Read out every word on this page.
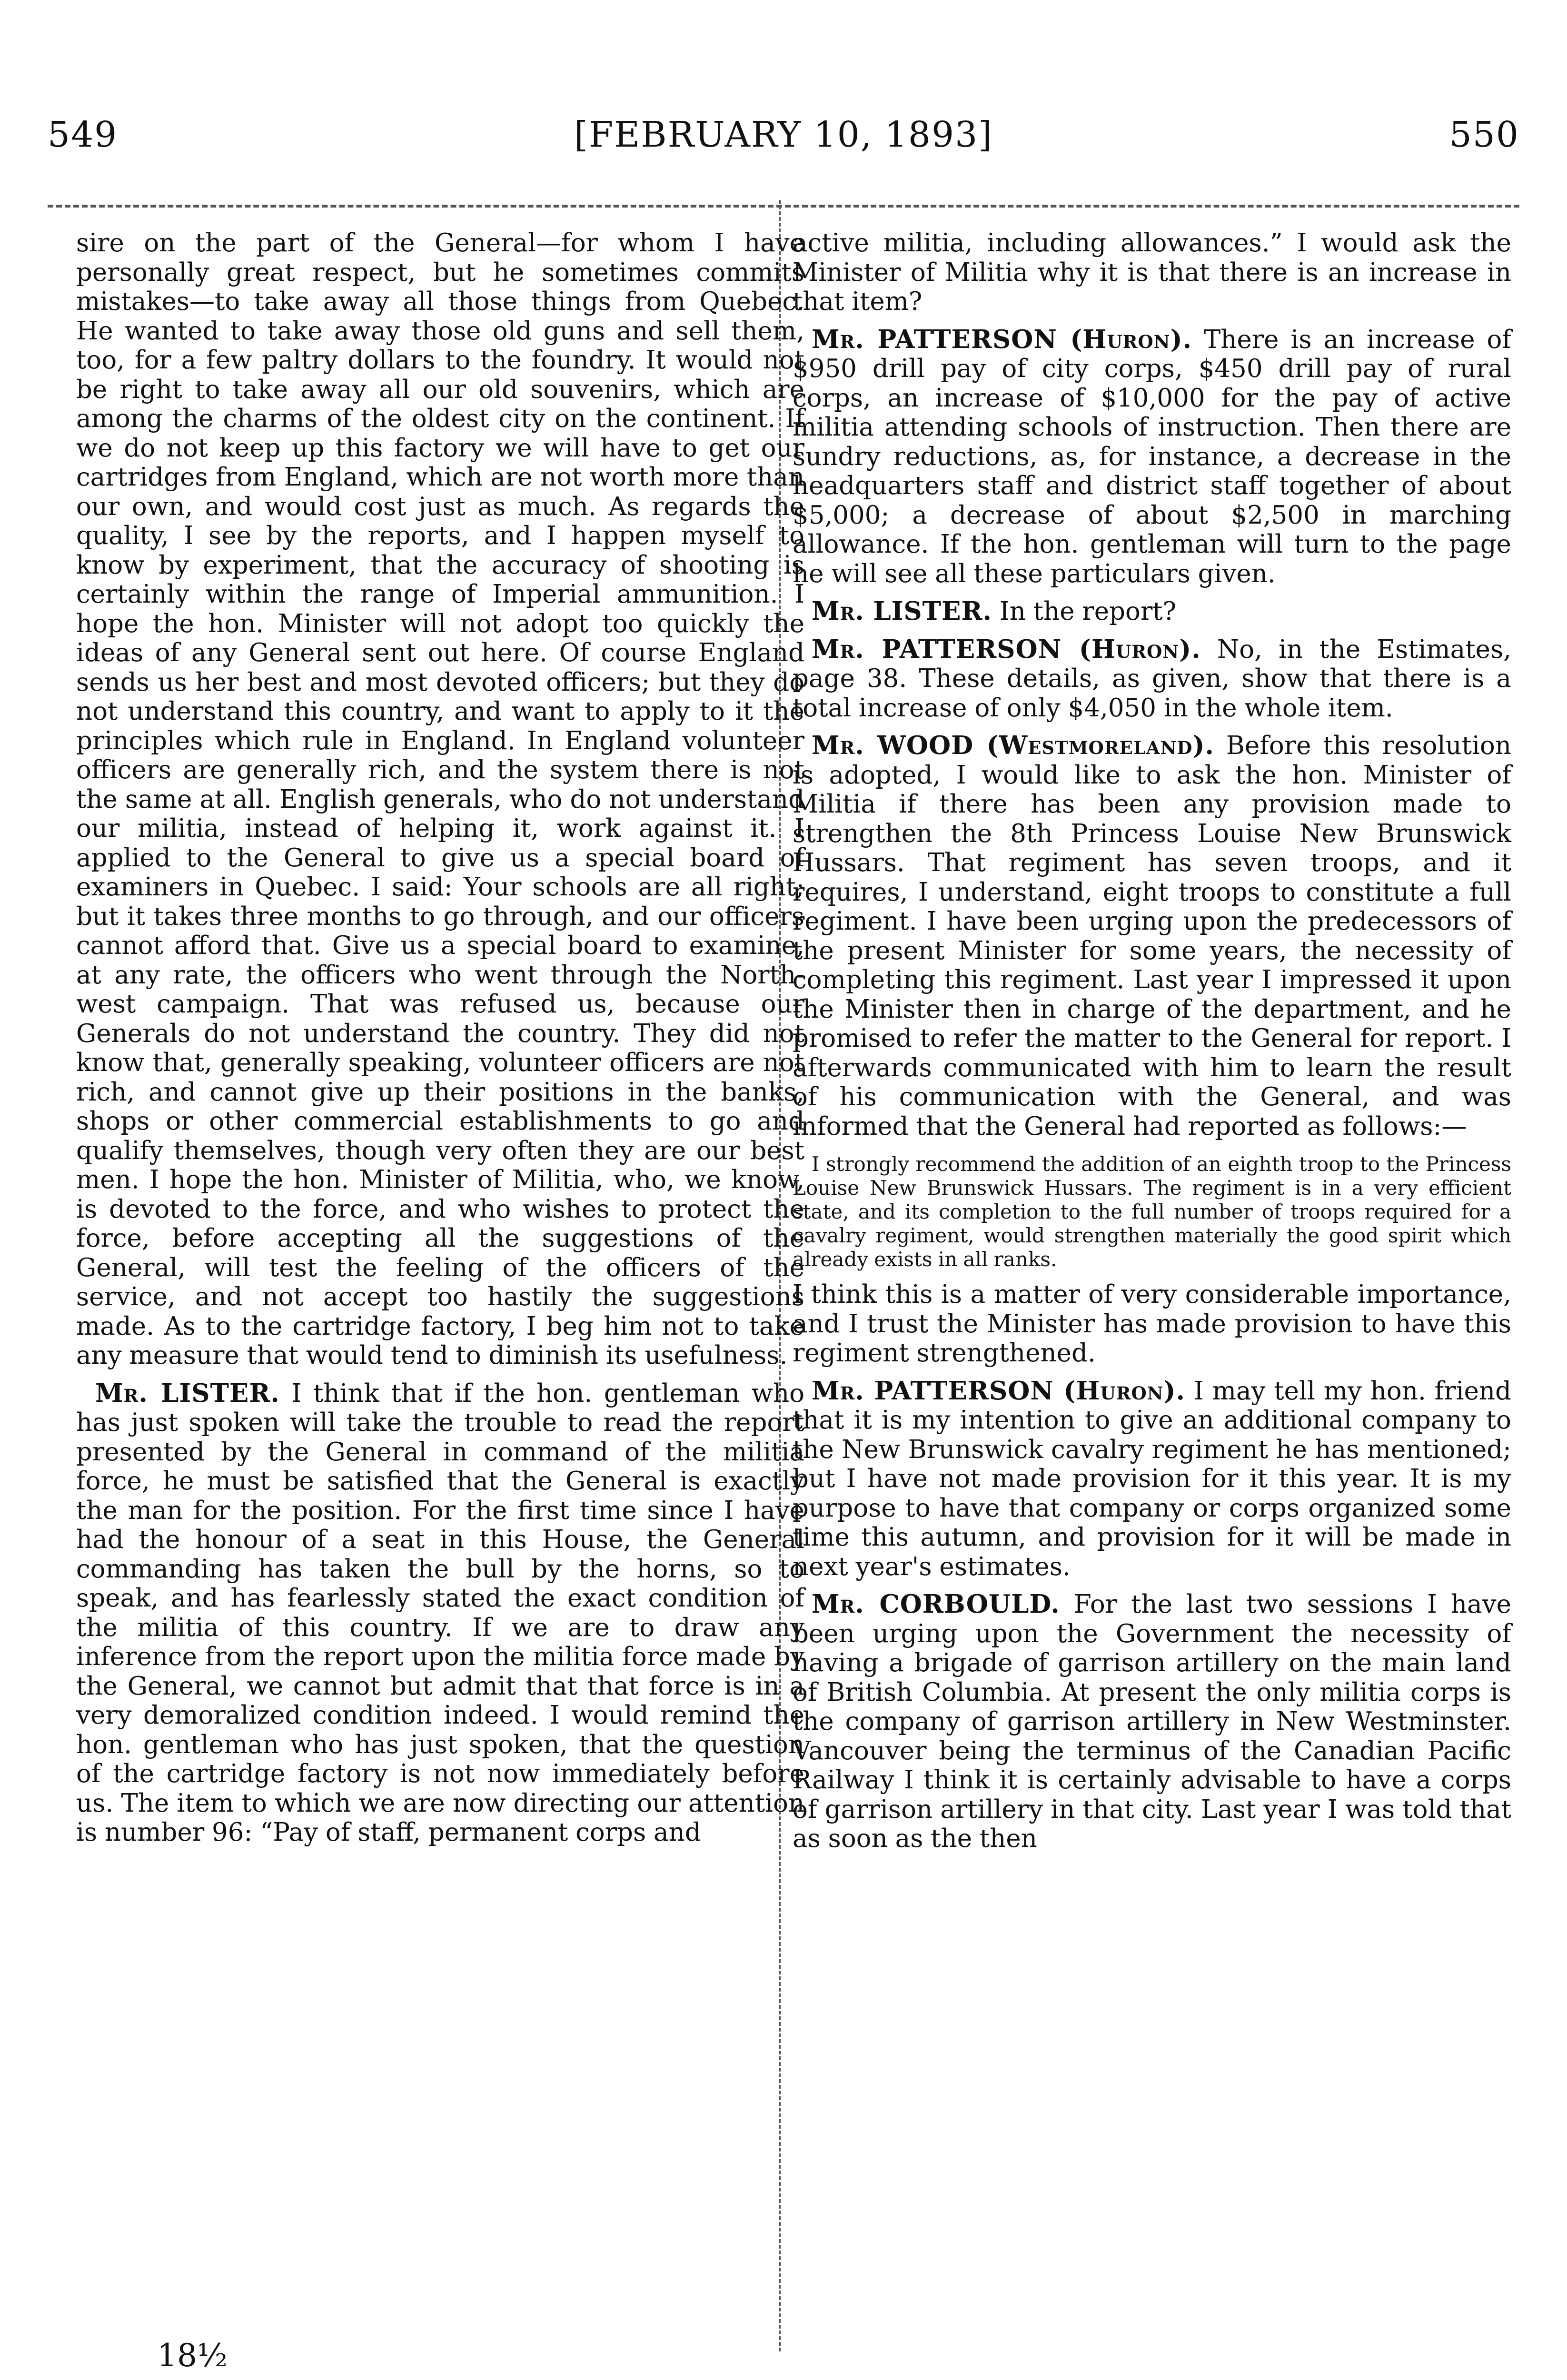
549	[FEBRUARY 10, 1893]	550

sire on the part of the General—for whom I have personally great respect, but he sometimes commits mistakes—to take away all those things from Quebec. He wanted to take away those old guns and sell them, too, for a few paltry dollars to the foundry. It would not be right to take away all our old souvenirs, which are among the charms of the oldest city on the continent. If we do not keep up this factory we will have to get our cartridges from England, which are not worth more than our own, and would cost just as much. As regards the quality, I see by the reports, and I happen myself to know by experiment, that the accuracy of shooting is certainly within the range of Imperial ammunition. I hope the hon. Minister will not adopt too quickly the ideas of any General sent out here. Of course England sends us her best and most devoted officers; but they do not understand this country, and want to apply to it the principles which rule in England. In England volunteer officers are generally rich, and the system there is not the same at all. English generals, who do not understand our militia, instead of helping it, work against it. I applied to the General to give us a special board of examiners in Quebec. I said: Your schools are all right; but it takes three months to go through, and our officers cannot afford that. Give us a special board to examine, at any rate, the officers who went through the North-west campaign. That was refused us, because our Generals do not understand the country. They did not know that, generally speaking, volunteer officers are not rich, and cannot give up their positions in the banks, shops or other commercial establishments to go and qualify themselves, though very often they are our best men. I hope the hon. Minister of Militia, who, we know, is devoted to the force, and who wishes to protect the force, before accepting all the suggestions of the General, will test the feeling of the officers of the service, and not accept too hastily the suggestions made. As to the cartridge factory, I beg him not to take any measure that would tend to diminish its usefulness.

Mr. LISTER. I think that if the hon. gentleman who has just spoken will take the trouble to read the report presented by the General in command of the militia force, he must be satisfied that the General is exactly the man for the position. For the first time since I have had the honour of a seat in this House, the General commanding has taken the bull by the horns, so to speak, and has fearlessly stated the exact condition of the militia of this country. If we are to draw any inference from the report upon the militia force made by the General, we cannot but admit that that force is in a very demoralized condition indeed. I would remind the hon. gentleman who has just spoken, that the question of the cartridge factory is not now immediately before us. The item to which we are now directing our attention is number 96: “Pay of staff, permanent corps and

active militia, including allowances.” I would ask the Minister of Militia why it is that there is an increase in that item?

Mr. PATTERSON (Huron). There is an increase of $950 drill pay of city corps, $450 drill pay of rural corps, an increase of $10,000 for the pay of active militia attending schools of instruction. Then there are sundry reductions, as, for instance, a decrease in the headquarters staff and district staff together of about $5,000; a decrease of about $2,500 in marching allowance. If the hon. gentleman will turn to the page he will see all these particulars given.

Mr. LISTER. In the report?

Mr. PATTERSON (Huron). No, in the Estimates, page 38. These details, as given, show that there is a total increase of only $4,050 in the whole item.

Mr. WOOD (Westmoreland). Before this resolution is adopted, I would like to ask the hon. Minister of Militia if there has been any provision made to strengthen the 8th Princess Louise New Brunswick Hussars. That regiment has seven troops, and it requires, I understand, eight troops to constitute a full regiment. I have been urging upon the predecessors of the present Minister for some years, the necessity of completing this regiment. Last year I impressed it upon the Minister then in charge of the department, and he promised to refer the matter to the General for report. I afterwards communicated with him to learn the result of his communication with the General, and was informed that the General had reported as follows:—

I strongly recommend the addition of an eighth troop to the Princess Louise New Brunswick Hussars. The regiment is in a very efficient state, and its completion to the full number of troops required for a cavalry regiment, would strengthen materially the good spirit which already exists in all ranks.

I think this is a matter of very considerable importance, and I trust the Minister has made provision to have this regiment strengthened.

Mr. PATTERSON (Huron). I may tell my hon. friend that it is my intention to give an additional company to the New Brunswick cavalry regiment he has mentioned; but I have not made provision for it this year. It is my purpose to have that company or corps organized some time this autumn, and provision for it will be made in next year's estimates.

Mr. CORBOULD. For the last two sessions I have been urging upon the Government the necessity of having a brigade of garrison artillery on the main land of British Columbia. At present the only militia corps is the company of garrison artillery in New Westminster. Vancouver being the terminus of the Canadian Pacific Railway I think it is certainly advisable to have a corps of garrison artillery in that city. Last year I was told that as soon as the then

18½
